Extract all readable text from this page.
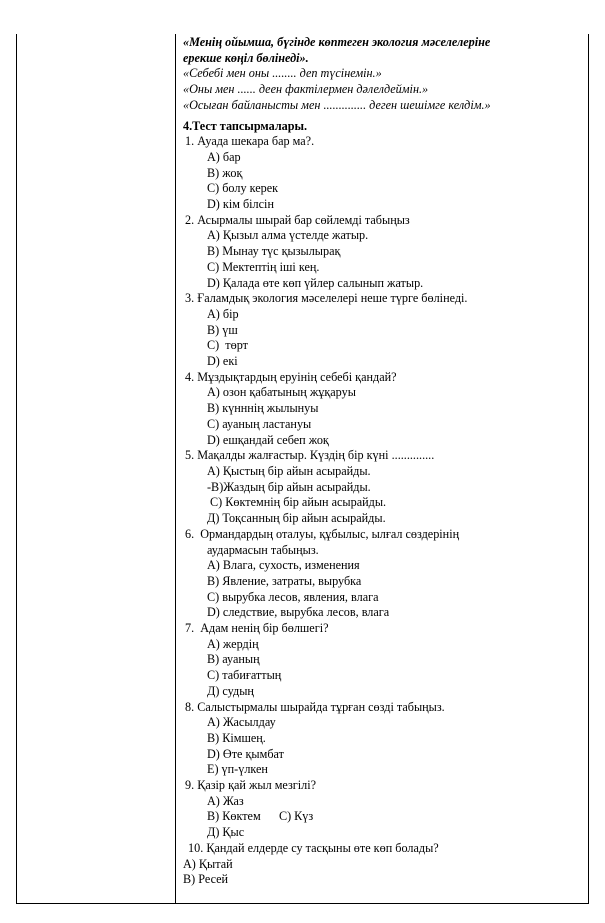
«Менің ойымша, бүгінде көптеген экология мәселелеріне
ерекше көңіл бөлінеді».
«Себебі мен оны ........ деп түсінемін.»
«Оны мен ...... деен фактілермен дәлелдеймін.»
«Осыған байланысты мен .............. деген шешімге келдім.»
4.Тест тапсырмалары.
1. Ауада шекара бар ма?.
A) бар
B) жоқ
C) болу керек
D) кім білсін
2. Асырмалы шырай бар сөйлемді табыңыз
A) Қызыл алма үстелде жатыр.
B) Мынау түс қызылырақ
C) Мектептің іші кең.
D) Қалада өте көп үйлер салынып жатыр.
3. Ғаламдық экология мәселелері неше түрге бөлінеді.
A) бір
B) үш
C)  төрт
D) екі
4. Мұздықтардың еруінің себебі қандай?
A) озон қабатының жұқаруы
B) күнннің жылынуы
C) ауаның ластануы
D) ешқандай себеп жоқ
5. Мақалды жалғастыр. Күздің бір күні ..............
A) Қыстың бір айын асырайды.
-B)Жаздың бір айын асырайды.
C) Көктемнің бір айын асырайды.
Д) Тоқсанның бір айын асырайды.
6.  Ормандардың оталуы, құбылыс, ылғал сөздерінің
аудармасын табыңыз.
A) Влага, сухость, изменения
B) Явление, затраты, вырубка
C) вырубка лесов, явления, влага
D) следствие, вырубка лесов, влага
7.  Адам ненің бір бөлшегі?
A) жердің
B) ауаның
C) табиғаттың
Д) судың
8. Салыстырмалы шырайда тұрған сөзді табыңыз.
A) Жасылдау
B) Кімшең.
D) Өте қымбат
E) үп-үлкен
9. Қазір қай жыл мезгілі?
A) Жаз
B) Көктем      C) Күз
Д) Қыс
10. Қандай елдерде су тасқыны өте көп болады?
A) Қытай
B) Ресей
